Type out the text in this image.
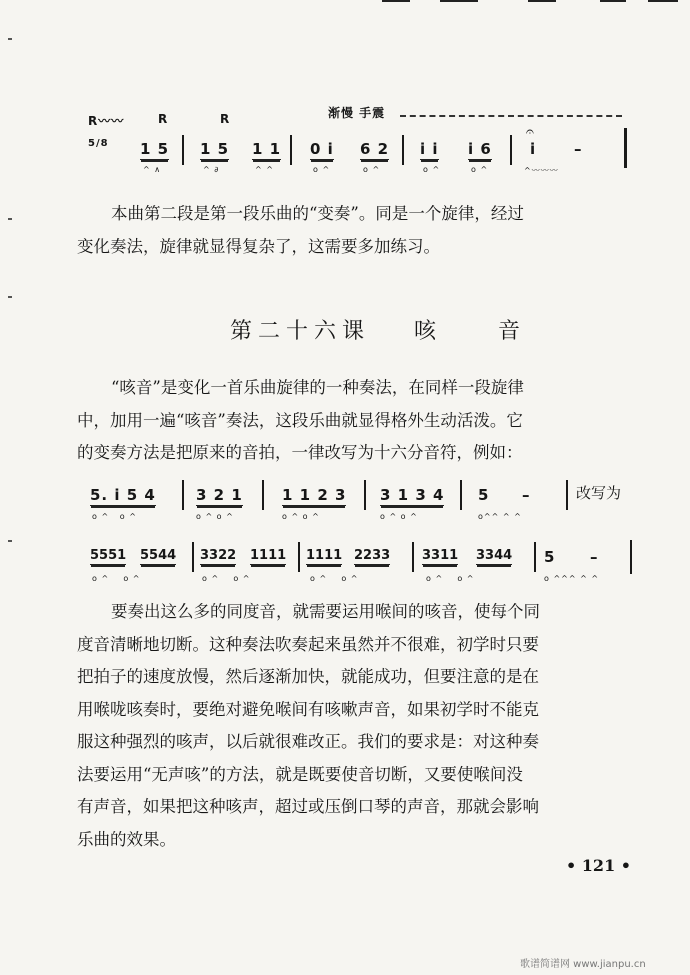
R〰〰	R	R	渐慢 手震
5/8 1 5 1 5 1 1 0 i 6 2 i i i 6
𝄐
i	–
^ ∧	^ ∂	^ ^	o ^	o ^	o ^	o ^	^〰〰〰
本曲第二段是第一段乐曲的“变奏”。同是一个旋律，经过
变化奏法，旋律就显得复杂了，这需要多加练习。
第二十六课 咳　　音
“咳音”是变化一首乐曲旋律的一种奏法，在同样一段旋律
中，加用一遍“咳音”奏法，这段乐曲就显得格外生动活泼。它
的变奏方法是把原来的音拍，一律改写为十六分音符，例如：
5. i 5 4	3 2 1	1 1 2 3 3 1 3 4 5 –	改写为
o ^   o ^	o ^ o ^	o ^ o ^	o ^ o ^	o^^ ^ ^
5551 5544 3322 1111 1111 2233 3311 3344 5 –
o ^    o ^	o ^    o ^	o ^    o ^	o ^    o ^	o ^^^ ^ ^
要奏出这么多的同度音，就需要运用喉间的咳音，使每个同
度音清晰地切断。这种奏法吹奏起来虽然并不很难，初学时只要
把拍子的速度放慢，然后逐渐加快，就能成功，但要注意的是在
用喉咙咳奏时，要绝对避免喉间有咳嗽声音，如果初学时不能克
服这种强烈的咳声，以后就很难改正。我们的要求是：对这种奏
法要运用“无声咳”的方法，就是既要使音切断，又要使喉间没
有声音，如果把这种咳声，超过或压倒口琴的声音，那就会影响
乐曲的效果。
• 121 •
歌谱简谱网 www.jianpu.cn
